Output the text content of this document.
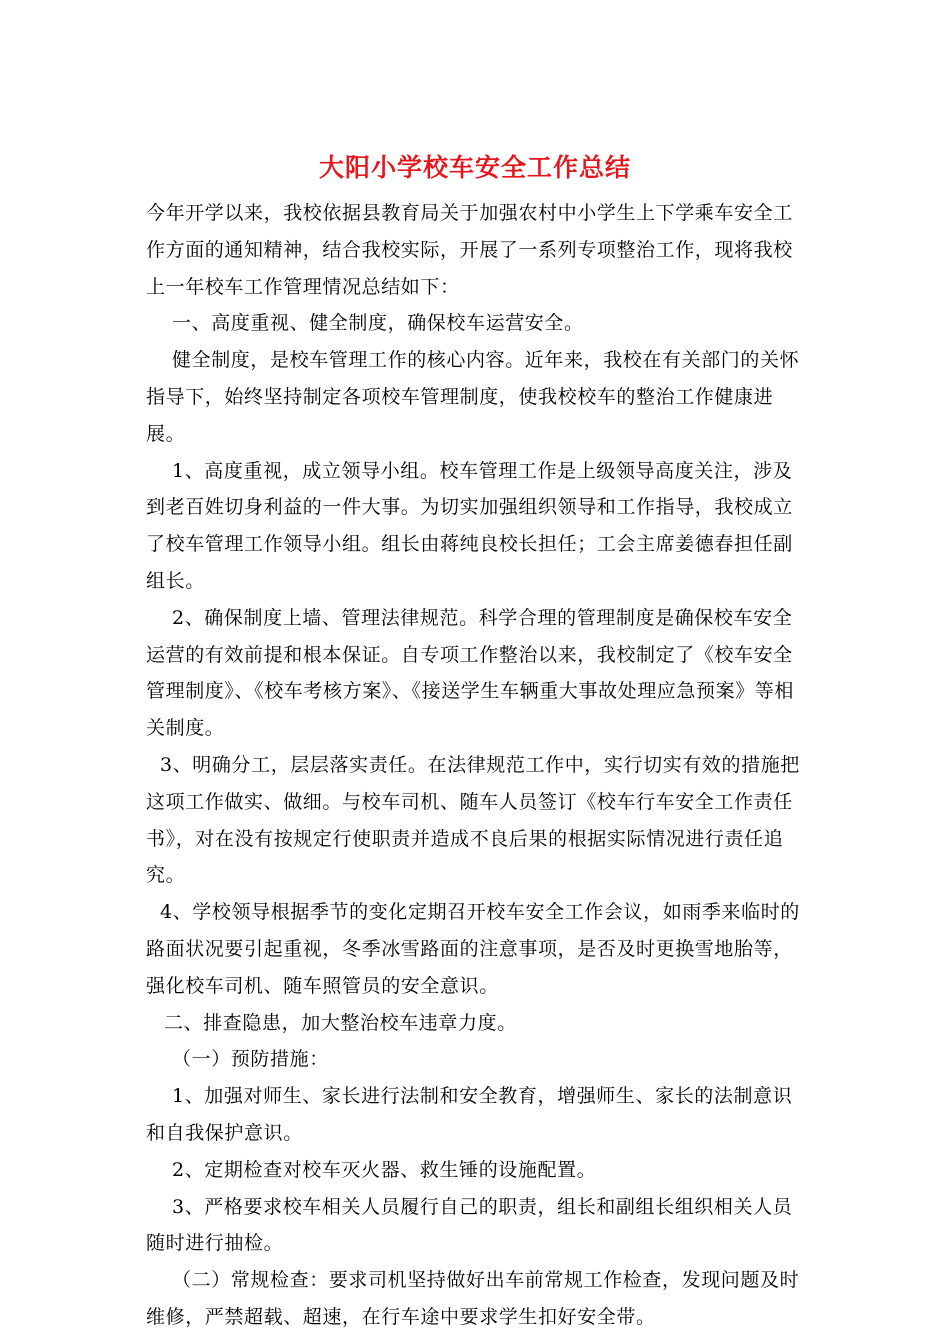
大阳小学校车安全工作总结

今年开学以来，我校依据县教育局关于加强农村中小学生上下学乘车安全工作方面的通知精神，结合我校实际，开展了一系列专项整治工作，现将我校上一年校车工作管理情况总结如下：

一、高度重视、健全制度，确保校车运营安全。

健全制度，是校车管理工作的核心内容。近年来，我校在有关部门的关怀指导下，始终坚持制定各项校车管理制度，使我校校车的整治工作健康进展。

1、高度重视，成立领导小组。校车管理工作是上级领导高度关注，涉及到老百姓切身利益的一件大事。为切实加强组织领导和工作指导，我校成立了校车管理工作领导小组。组长由蒋纯良校长担任；工会主席姜德春担任副组长。

2、确保制度上墙、管理法律规范。科学合理的管理制度是确保校车安全运营的有效前提和根本保证。自专项工作整治以来，我校制定了《校车安全管理制度》、《校车考核方案》、《接送学生车辆重大事故处理应急预案》等相关制度。

3、明确分工，层层落实责任。在法律规范工作中，实行切实有效的措施把这项工作做实、做细。与校车司机、随车人员签订《校车行车安全工作责任书》，对在没有按规定行使职责并造成不良后果的根据实际情况进行责任追究。

4、学校领导根据季节的变化定期召开校车安全工作会议，如雨季来临时的路面状况要引起重视，冬季冰雪路面的注意事项，是否及时更换雪地胎等，强化校车司机、随车照管员的安全意识。

二、排查隐患，加大整治校车违章力度。

（一）预防措施：

1、加强对师生、家长进行法制和安全教育，增强师生、家长的法制意识和自我保护意识。

2、定期检查对校车灭火器、救生锤的设施配置。

3、严格要求校车相关人员履行自己的职责，组长和副组长组织相关人员随时进行抽检。

（二）常规检查：要求司机坚持做好出车前常规工作检查，发现问题及时维修，严禁超载、超速，在行车途中要求学生扣好安全带。
